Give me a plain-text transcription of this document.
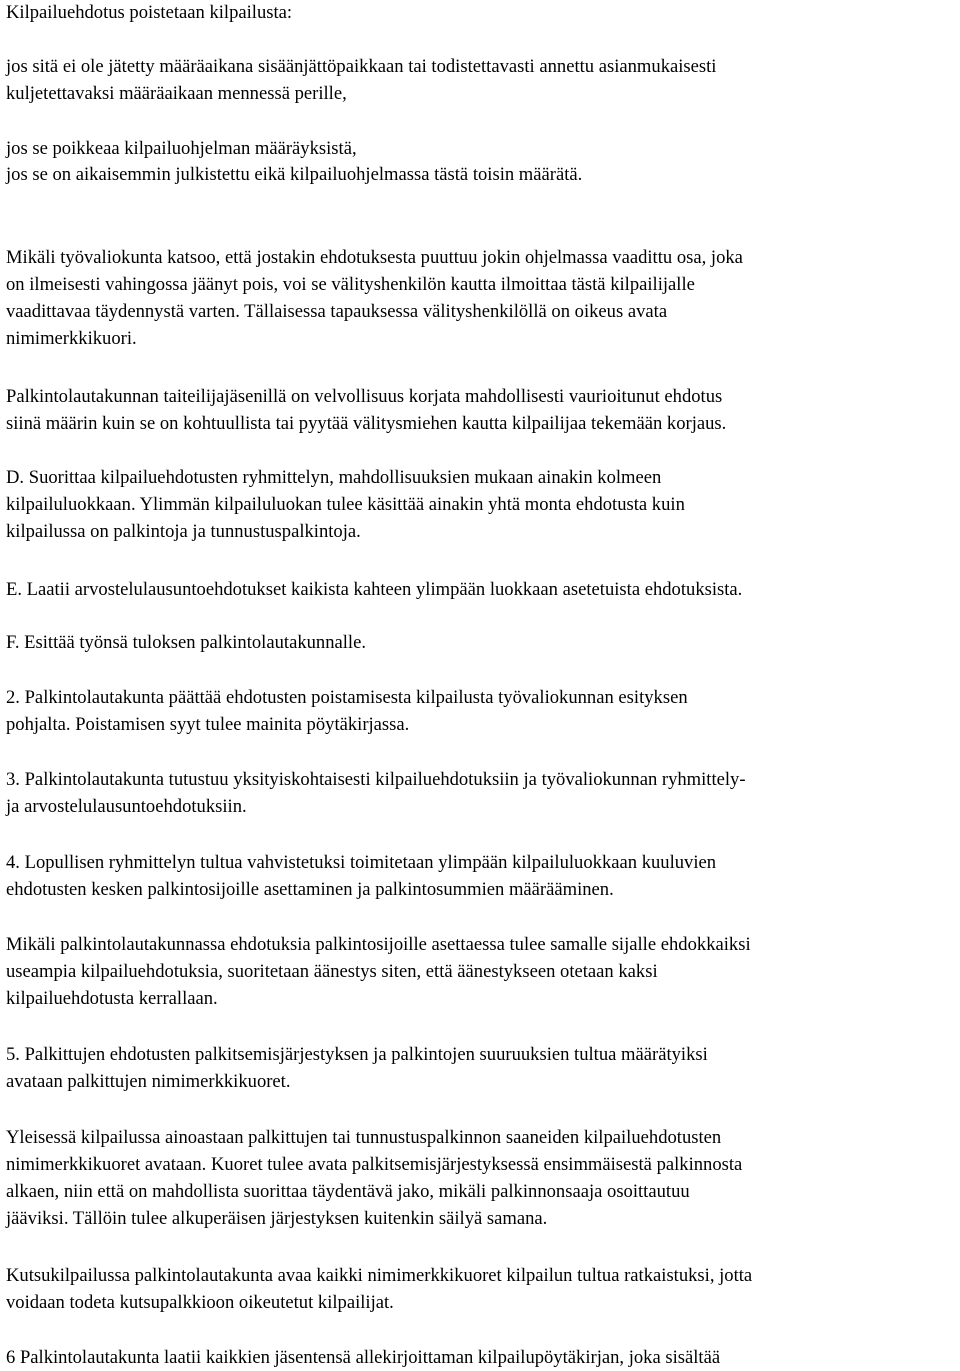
Kilpailuehdotus poistetaan kilpailusta:
jos sitä ei ole jätetty määräaikana sisäänjättöpaikkaan tai todistettavasti annettu asianmukaisesti
kuljetettavaksi määräaikaan mennessä perille,
jos se poikkeaa kilpailuohjelman määräyksistä,
jos se on aikaisemmin julkistettu eikä kilpailuohjelmassa tästä toisin määrätä.
Mikäli työvaliokunta katsoo, että jostakin ehdotuksesta puuttuu jokin ohjelmassa vaadittu osa, joka
on ilmeisesti vahingossa jäänyt pois, voi se välityshenkilön kautta ilmoittaa tästä kilpailijalle
vaadittavaa täydennystä varten. Tällaisessa tapauksessa välityshenkilöllä on oikeus avata
nimimerkkikuori.
Palkintolautakunnan taiteilijajäsenillä on velvollisuus korjata mahdollisesti vaurioitunut ehdotus
siinä määrin kuin se on kohtuullista tai pyytää välitysmiehen kautta kilpailijaa tekemään korjaus.
D. Suorittaa kilpailuehdotusten ryhmittelyn, mahdollisuuksien mukaan ainakin kolmeen
kilpailuluokkaan. Ylimmän kilpailuluokan tulee käsittää ainakin yhtä monta ehdotusta kuin
kilpailussa on palkintoja ja tunnustuspalkintoja.
E. Laatii arvostelulausuntoehdotukset kaikista kahteen ylimpään luokkaan asetetuista ehdotuksista.
F. Esittää työnsä tuloksen palkintolautakunnalle.
2. Palkintolautakunta päättää ehdotusten poistamisesta kilpailusta työvaliokunnan esityksen
pohjalta. Poistamisen syyt tulee mainita pöytäkirjassa.
3. Palkintolautakunta tutustuu yksityiskohtaisesti kilpailuehdotuksiin ja työvaliokunnan ryhmittely-
ja arvostelulausuntoehdotuksiin.
4. Lopullisen ryhmittelyn tultua vahvistetuksi toimitetaan ylimpään kilpailuluokkaan kuuluvien
ehdotusten kesken palkintosijoille asettaminen ja palkintosummien määrääminen.
Mikäli palkintolautakunnassa ehdotuksia palkintosijoille asettaessa tulee samalle sijalle ehdokkaiksi
useampia kilpailuehdotuksia, suoritetaan äänestys siten, että äänestykseen otetaan kaksi
kilpailuehdotusta kerrallaan.
5. Palkittujen ehdotusten palkitsemisjärjestyksen ja palkintojen suuruuksien tultua määrätyiksi
avataan palkittujen nimimerkkikuoret.
Yleisessä kilpailussa ainoastaan palkittujen tai tunnustuspalkinnon saaneiden kilpailuehdotusten
nimimerkkikuoret avataan. Kuoret tulee avata palkitsemisjärjestyksessä ensimmäisestä palkinnosta
alkaen, niin että on mahdollista suorittaa täydentävä jako, mikäli palkinnonsaaja osoittautuu
jääviksi. Tällöin tulee alkuperäisen järjestyksen kuitenkin säilyä samana.
Kutsukilpailussa palkintolautakunta avaa kaikki nimimerkkikuoret kilpailun tultua ratkaistuksi, jotta
voidaan todeta kutsupalkkioon oikeutetut kilpailijat.
6 Palkintolautakunta laatii kaikkien jäsentensä allekirjoittaman kilpailupöytäkirjan, joka sisältää
